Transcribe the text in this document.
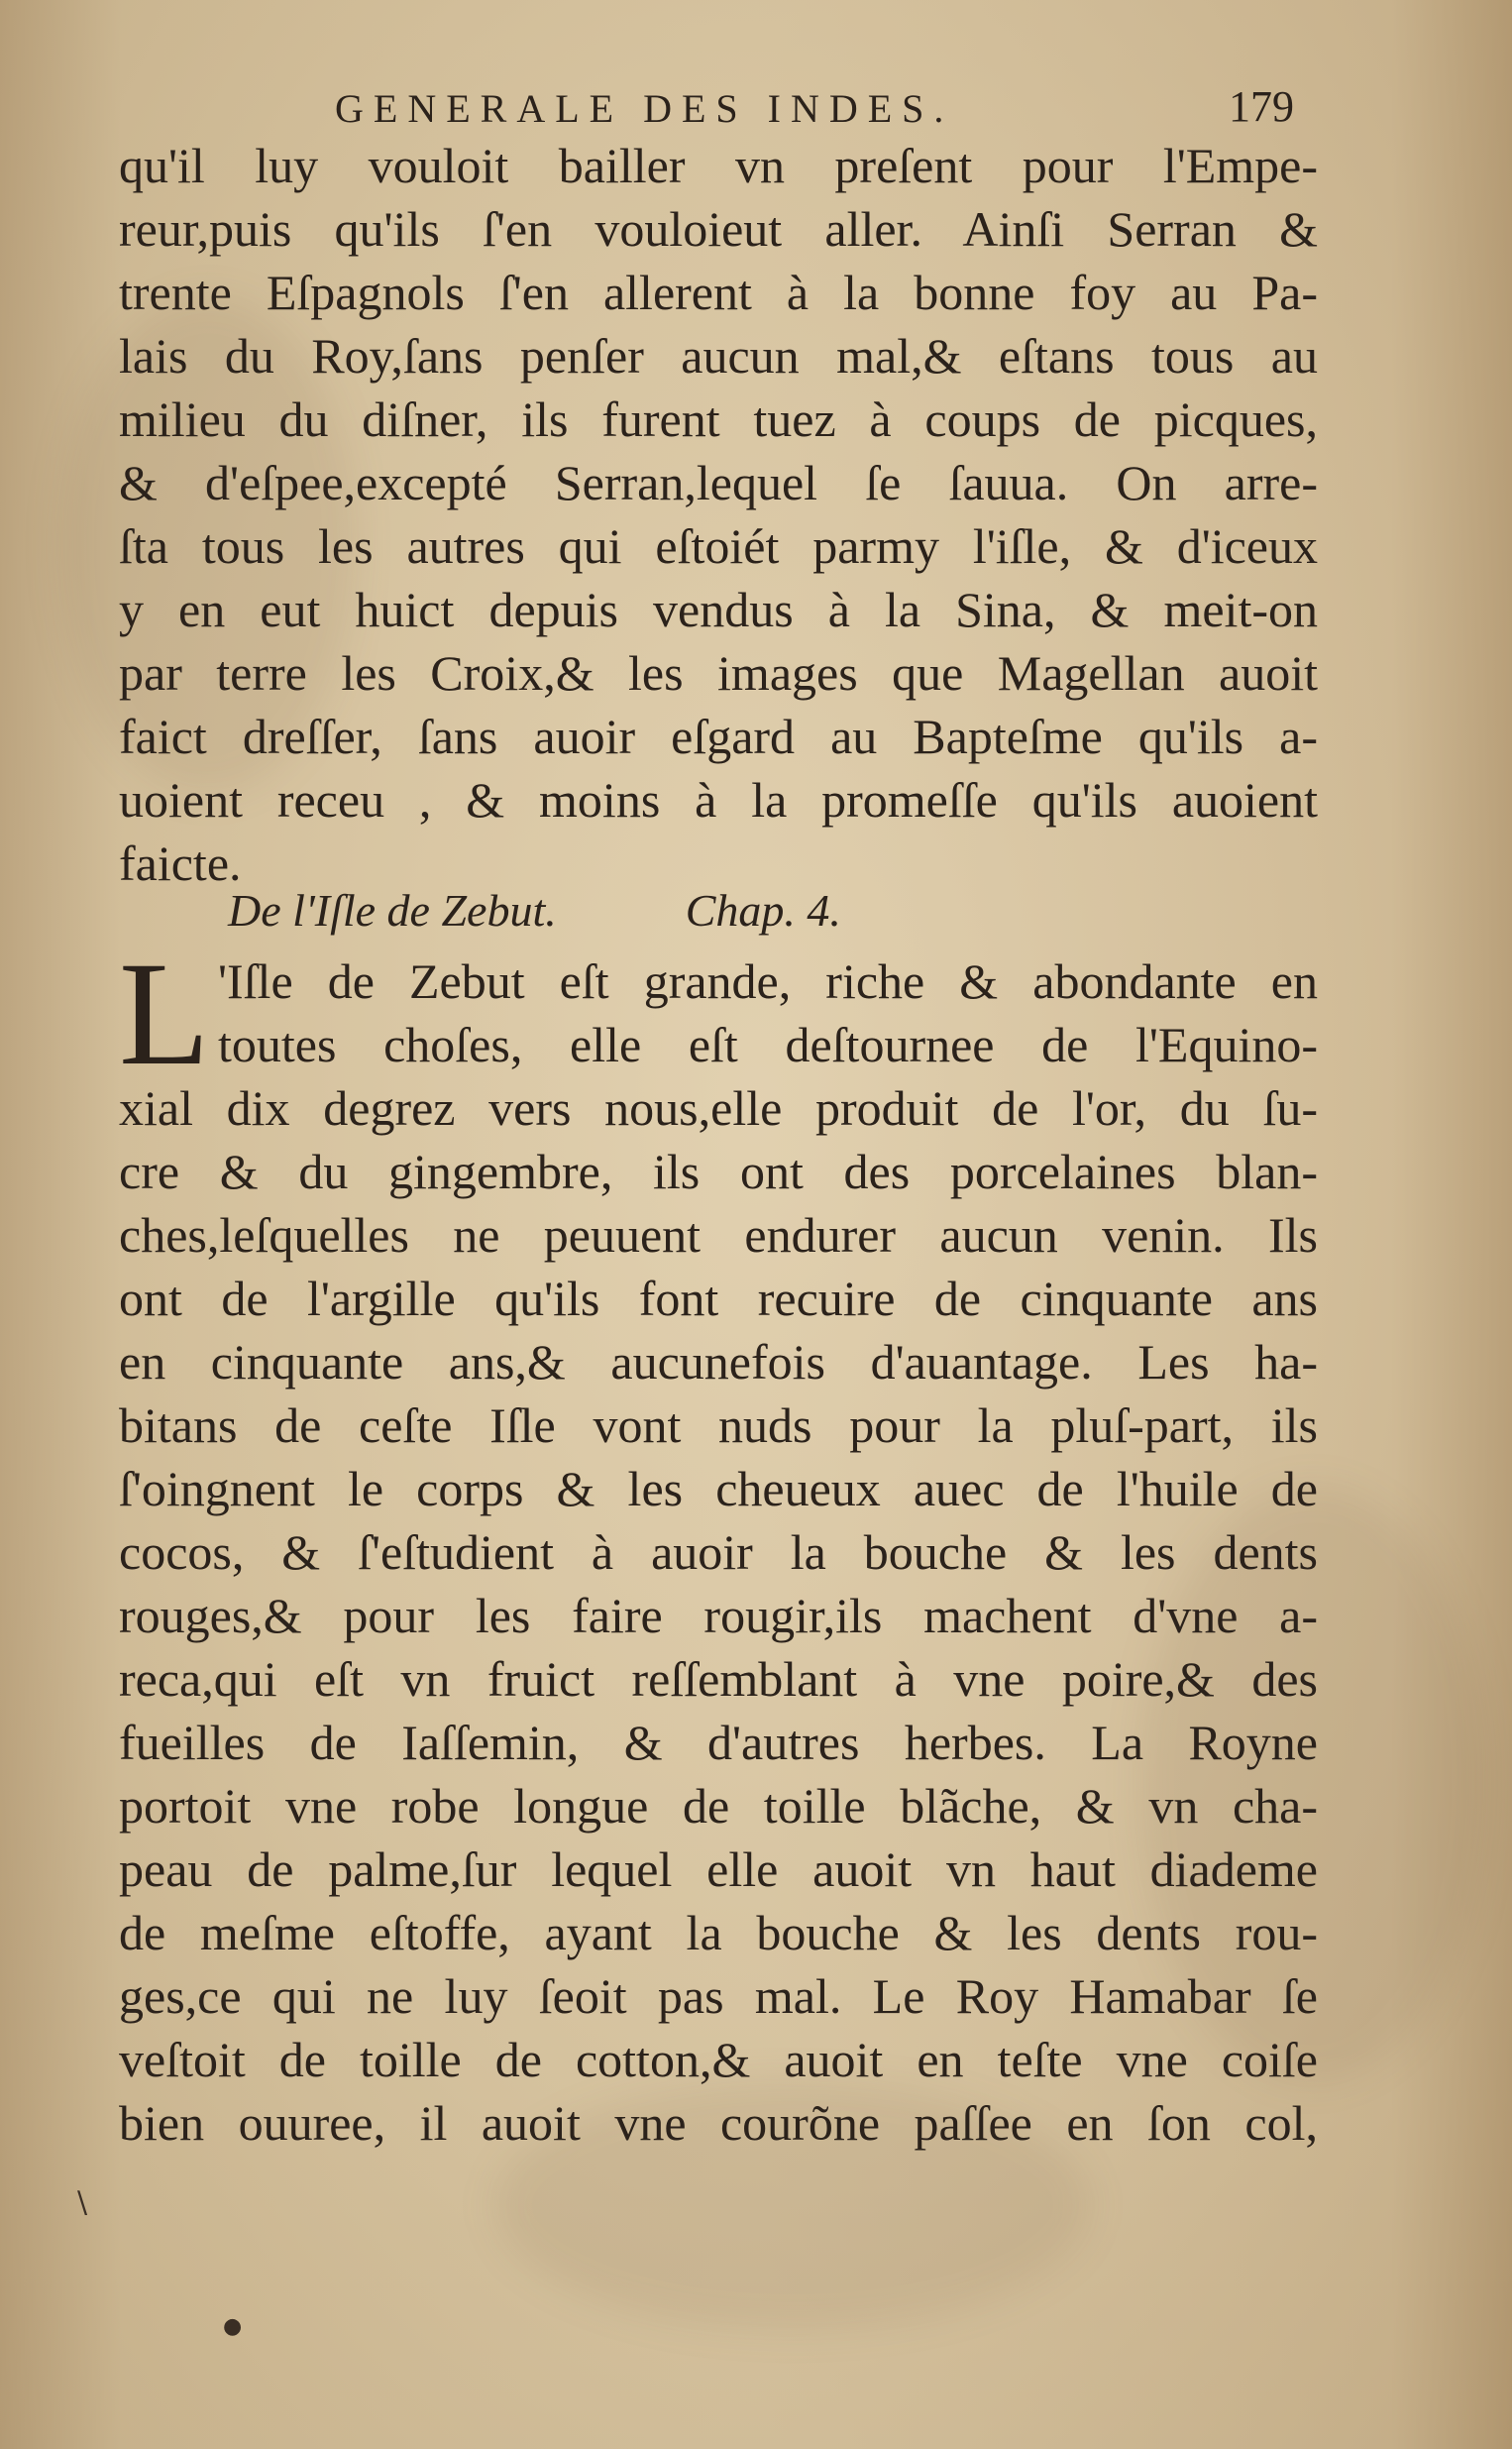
GENERALE DES INDES.	179
qu'il luy vouloit bailler vn preſent pour l'Empe-
reur,puis qu'ils ſ'en vouloieut aller. Ainſi Serran &
trente Eſpagnols ſ'en allerent à la bonne foy au Pa-
lais du Roy,ſans penſer aucun mal,& eſtans tous au
milieu du diſner, ils furent tuez à coups de picques,
& d'eſpee,excepté Serran,lequel ſe ſauua. On arre-
ſta tous les autres qui eſtoiét parmy l'iſle, & d'iceux
y en eut huict depuis vendus à la Sina, & meit-on
par terre les Croix,& les images que Magellan auoit
faict dreſſer, ſans auoir eſgard au Bapteſme qu'ils a-
uoient receu , & moins à la promeſſe qu'ils auoient
faicte.
De l'Iſle de Zebut.	Chap. 4.
L 'Iſle de Zebut eſt grande, riche & abondante en
toutes choſes, elle eſt deſtournee de l'Equino-
xial dix degrez vers nous,elle produit de l'or, du ſu-
cre & du gingembre, ils ont des porcelaines blan-
ches,leſquelles ne peuuent endurer aucun venin. Ils
ont de l'argille qu'ils font recuire de cinquante ans
en cinquante ans,& aucunefois d'auantage. Les ha-
bitans de ceſte Iſle vont nuds pour la pluſ-part, ils
ſ'oingnent le corps & les cheueux auec de l'huile de
cocos, & ſ'eſtudient à auoir la bouche & les dents
rouges,& pour les faire rougir,ils machent d'vne a-
reca,qui eſt vn fruict reſſemblant à vne poire,& des
fueilles de Iaſſemin, & d'autres herbes. La Royne
portoit vne robe longue de toille blãche, & vn cha-
peau de palme,ſur lequel elle auoit vn haut diademe
de meſme eſtoffe, ayant la bouche & les dents rou-
ges,ce qui ne luy ſeoit pas mal. Le Roy Hamabar ſe
veſtoit de toille de cotton,& auoit en teſte vne coiſe
bien ouuree, il auoit vne courõne paſſee en ſon col,
\
●
